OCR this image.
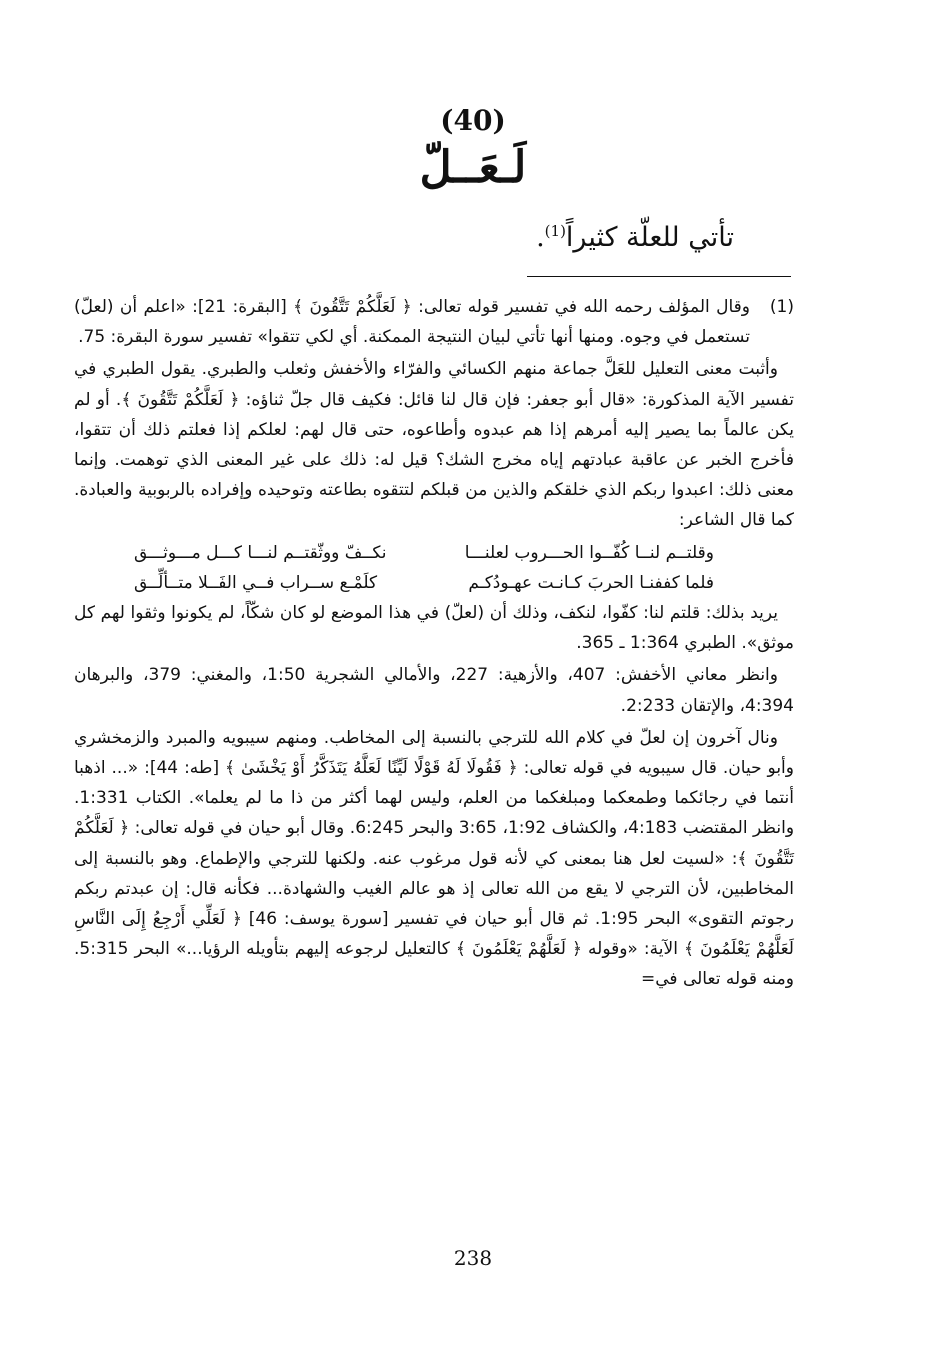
(40)
لَـعَــلّ
تأتي للعلّة كثيراً$^{(1)}$.
(1)

وقال المؤلف رحمه الله في تفسير قوله تعالى: ﴿ لَعَلَّكُمْ تَتَّقُونَ ﴾ [البقرة: 21]: «اعلم أن (لعلّ) تستعمل في وجوه. ومنها أنها تأتي لبيان النتيجة الممكنة. أي لكي تتقوا» تفسير سورة البقرة: 75.

وأثبت معنى التعليل للعَلَّ جماعة منهم الكسائي والفرّاء والأخفش وثعلب والطبري. يقول الطبري في تفسير الآية المذكورة: «قال أبو جعفر: فإن قال لنا قائل: فكيف قال جلّ ثناؤه: ﴿ لَعَلَّكُمْ تَتَّقُونَ ﴾. أو لم يكن عالماً بما يصير إليه أمرهم إذا هم عبدوه وأطاعوه، حتى قال لهم: لعلكم إذا فعلتم ذلك أن تتقوا، فأخرج الخبر عن عاقبة عبادتهم إياه مخرج الشك؟ قيل له: ذلك على غير المعنى الذي توهمت. وإنما معنى ذلك: اعبدوا ربكم الذي خلقكم والذين من قبلكم لتتقوه بطاعته وتوحيده وإفراده بالربوبية والعبادة. كما قال الشاعر:

وقلتــم لنــا كُفّــوا الحـــروب لعلنـــا
نكــفّ ووثّقتــم لنـــا كـــل مـــوثـــق
فلما كففنـا الحربَ كـانـت عهـودُكـم
كلَمْـع ســراب فــي الفَــلا متــألِّــق

يريد بذلك: قلتم لنا: كفّوا، لنكف، وذلك أن (لعلّ) في هذا الموضع لو كان شكّاً، لم يكونوا وثقوا لهم كل موثق». الطبري 1:364 ـ 365.

وانظر معاني الأخفش: 407، والأزهية: 227، والأمالي الشجرية 1:50، والمغني: 379، والبرهان 4:394، والإتقان 2:233.

ونال آخرون إن لعلّ في كلام الله للترجي بالنسبة إلى المخاطب. ومنهم سيبويه والمبرد والزمخشري وأبو حيان. قال سيبويه في قوله تعالى: ﴿ فَقُولَا لَهُ قَوْلًا لَيِّنًا لَعَلَّهُ يَتَذَكَّرُ أَوْ يَخْشَىٰ ﴾ [طه: 44]: «... اذهبا أنتما في رجائكما وطمعكما ومبلغكما من العلم، وليس لهما أكثر من ذا ما لم يعلما». الكتاب 1:331. وانظر المقتضب 4:183، والكشاف 1:92، 3:65 والبحر 6:245. وقال أبو حيان في قوله تعالى: ﴿ لَعَلَّكُمْ تَتَّقُونَ ﴾: «لسيت لعل هنا بمعنى كي لأنه قول مرغوب عنه. ولكنها للترجي والإطماع. وهو بالنسبة إلى المخاطبين، لأن الترجي لا يقع من الله تعالى إذ هو عالم الغيب والشهادة... فكأنه قال: إن عبدتم ربكم رجوتم التقوى» البحر 1:95. ثم قال أبو حيان في تفسير [سورة يوسف: 46] ﴿ لَعَلِّي أَرْجِعُ إِلَى النَّاسِ لَعَلَّهُمْ يَعْلَمُونَ ﴾ الآية: «وقوله ﴿ لَعَلَّهُمْ يَعْلَمُونَ ﴾ كالتعليل لرجوعه إليهم بتأويله الرؤيا...» البحر 5:315. ومنه قوله تعالى في=

238
